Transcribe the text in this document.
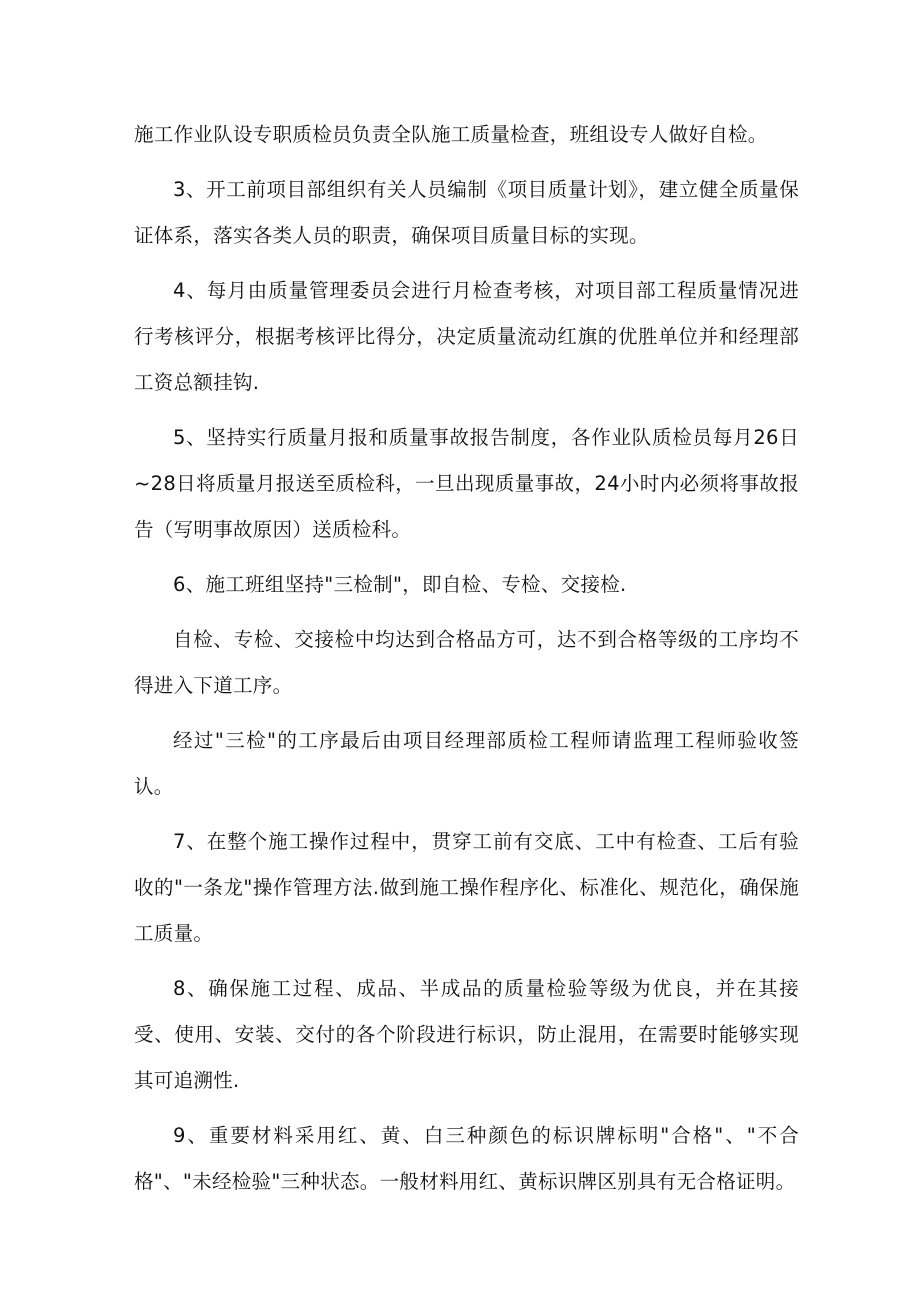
施工作业队设专职质检员负责全队施工质量检查，班组设专人做好自检。

3、开工前项目部组织有关人员编制《项目质量计划》，建立健全质量保证体系，落实各类人员的职责，确保项目质量目标的实现。

4、每月由质量管理委员会进行月检查考核，对项目部工程质量情况进行考核评分，根据考核评比得分，决定质量流动红旗的优胜单位并和经理部工资总额挂钩.

5、坚持实行质量月报和质量事故报告制度，各作业队质检员每月26日~28日将质量月报送至质检科，一旦出现质量事故，24小时内必须将事故报告（写明事故原因）送质检科。

6、施工班组坚持"三检制"，即自检、专检、交接检.

自检、专检、交接检中均达到合格品方可，达不到合格等级的工序均不得进入下道工序。

经过"三检"的工序最后由项目经理部质检工程师请监理工程师验收签认。

7、在整个施工操作过程中，贯穿工前有交底、工中有检查、工后有验收的"一条龙"操作管理方法.做到施工操作程序化、标准化、规范化，确保施工质量。

8、确保施工过程、成品、半成品的质量检验等级为优良，并在其接受、使用、安装、交付的各个阶段进行标识，防止混用，在需要时能够实现其可追溯性.

9、重要材料采用红、黄、白三种颜色的标识牌标明"合格"、"不合格"、"未经检验"三种状态。一般材料用红、黄标识牌区别具有无合格证明。
